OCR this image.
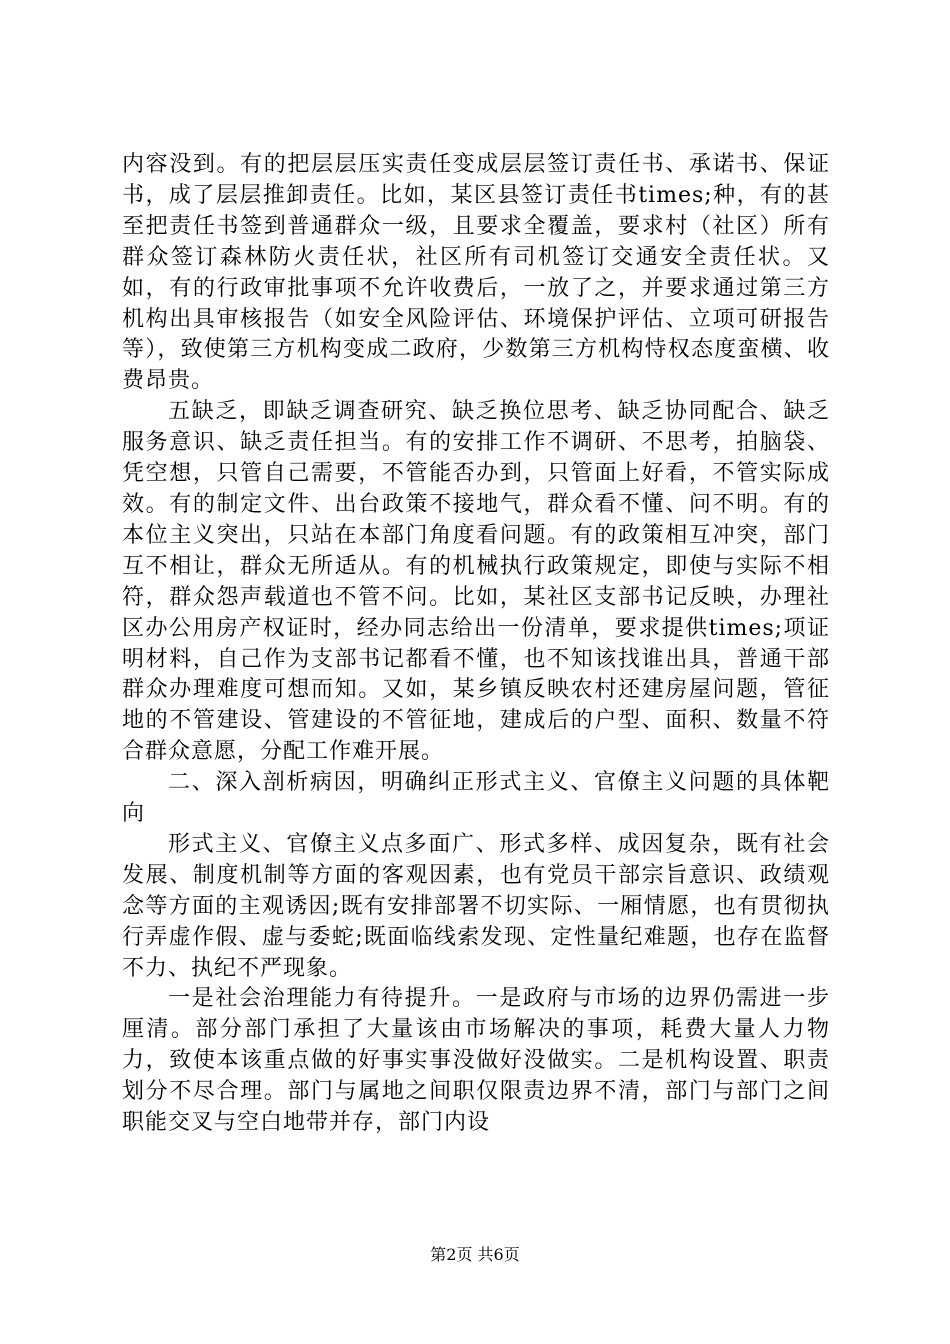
内容没到。有的把层层压实责任变成层层签订责任书、承诺书、保证书，成了层层推卸责任。比如，某区县签订责任书times;种，有的甚至把责任书签到普通群众一级，且要求全覆盖，要求村（社区）所有群众签订森林防火责任状，社区所有司机签订交通安全责任状。又如，有的行政审批事项不允许收费后，一放了之，并要求通过第三方机构出具审核报告（如安全风险评估、环境保护评估、立项可研报告等），致使第三方机构变成二政府，少数第三方机构恃权态度蛮横、收费昂贵。

五缺乏，即缺乏调查研究、缺乏换位思考、缺乏协同配合、缺乏服务意识、缺乏责任担当。有的安排工作不调研、不思考，拍脑袋、凭空想，只管自己需要，不管能否办到，只管面上好看，不管实际成效。有的制定文件、出台政策不接地气，群众看不懂、问不明。有的本位主义突出，只站在本部门角度看问题。有的政策相互冲突，部门互不相让，群众无所适从。有的机械执行政策规定，即使与实际不相符，群众怨声载道也不管不问。比如，某社区支部书记反映，办理社区办公用房产权证时，经办同志给出一份清单，要求提供times;项证明材料，自己作为支部书记都看不懂，也不知该找谁出具，普通干部群众办理难度可想而知。又如，某乡镇反映农村还建房屋问题，管征地的不管建设、管建设的不管征地，建成后的户型、面积、数量不符合群众意愿，分配工作难开展。

二、深入剖析病因，明确纠正形式主义、官僚主义问题的具体靶向

形式主义、官僚主义点多面广、形式多样、成因复杂，既有社会发展、制度机制等方面的客观因素，也有党员干部宗旨意识、政绩观念等方面的主观诱因;既有安排部署不切实际、一厢情愿，也有贯彻执行弄虚作假、虚与委蛇;既面临线索发现、定性量纪难题，也存在监督不力、执纪不严现象。

一是社会治理能力有待提升。一是政府与市场的边界仍需进一步厘清。部分部门承担了大量该由市场解决的事项，耗费大量人力物力，致使本该重点做的好事实事没做好没做实。二是机构设置、职责划分不尽合理。部门与属地之间职仅限责边界不清，部门与部门之间职能交叉与空白地带并存，部门内设

第2页 共6页
